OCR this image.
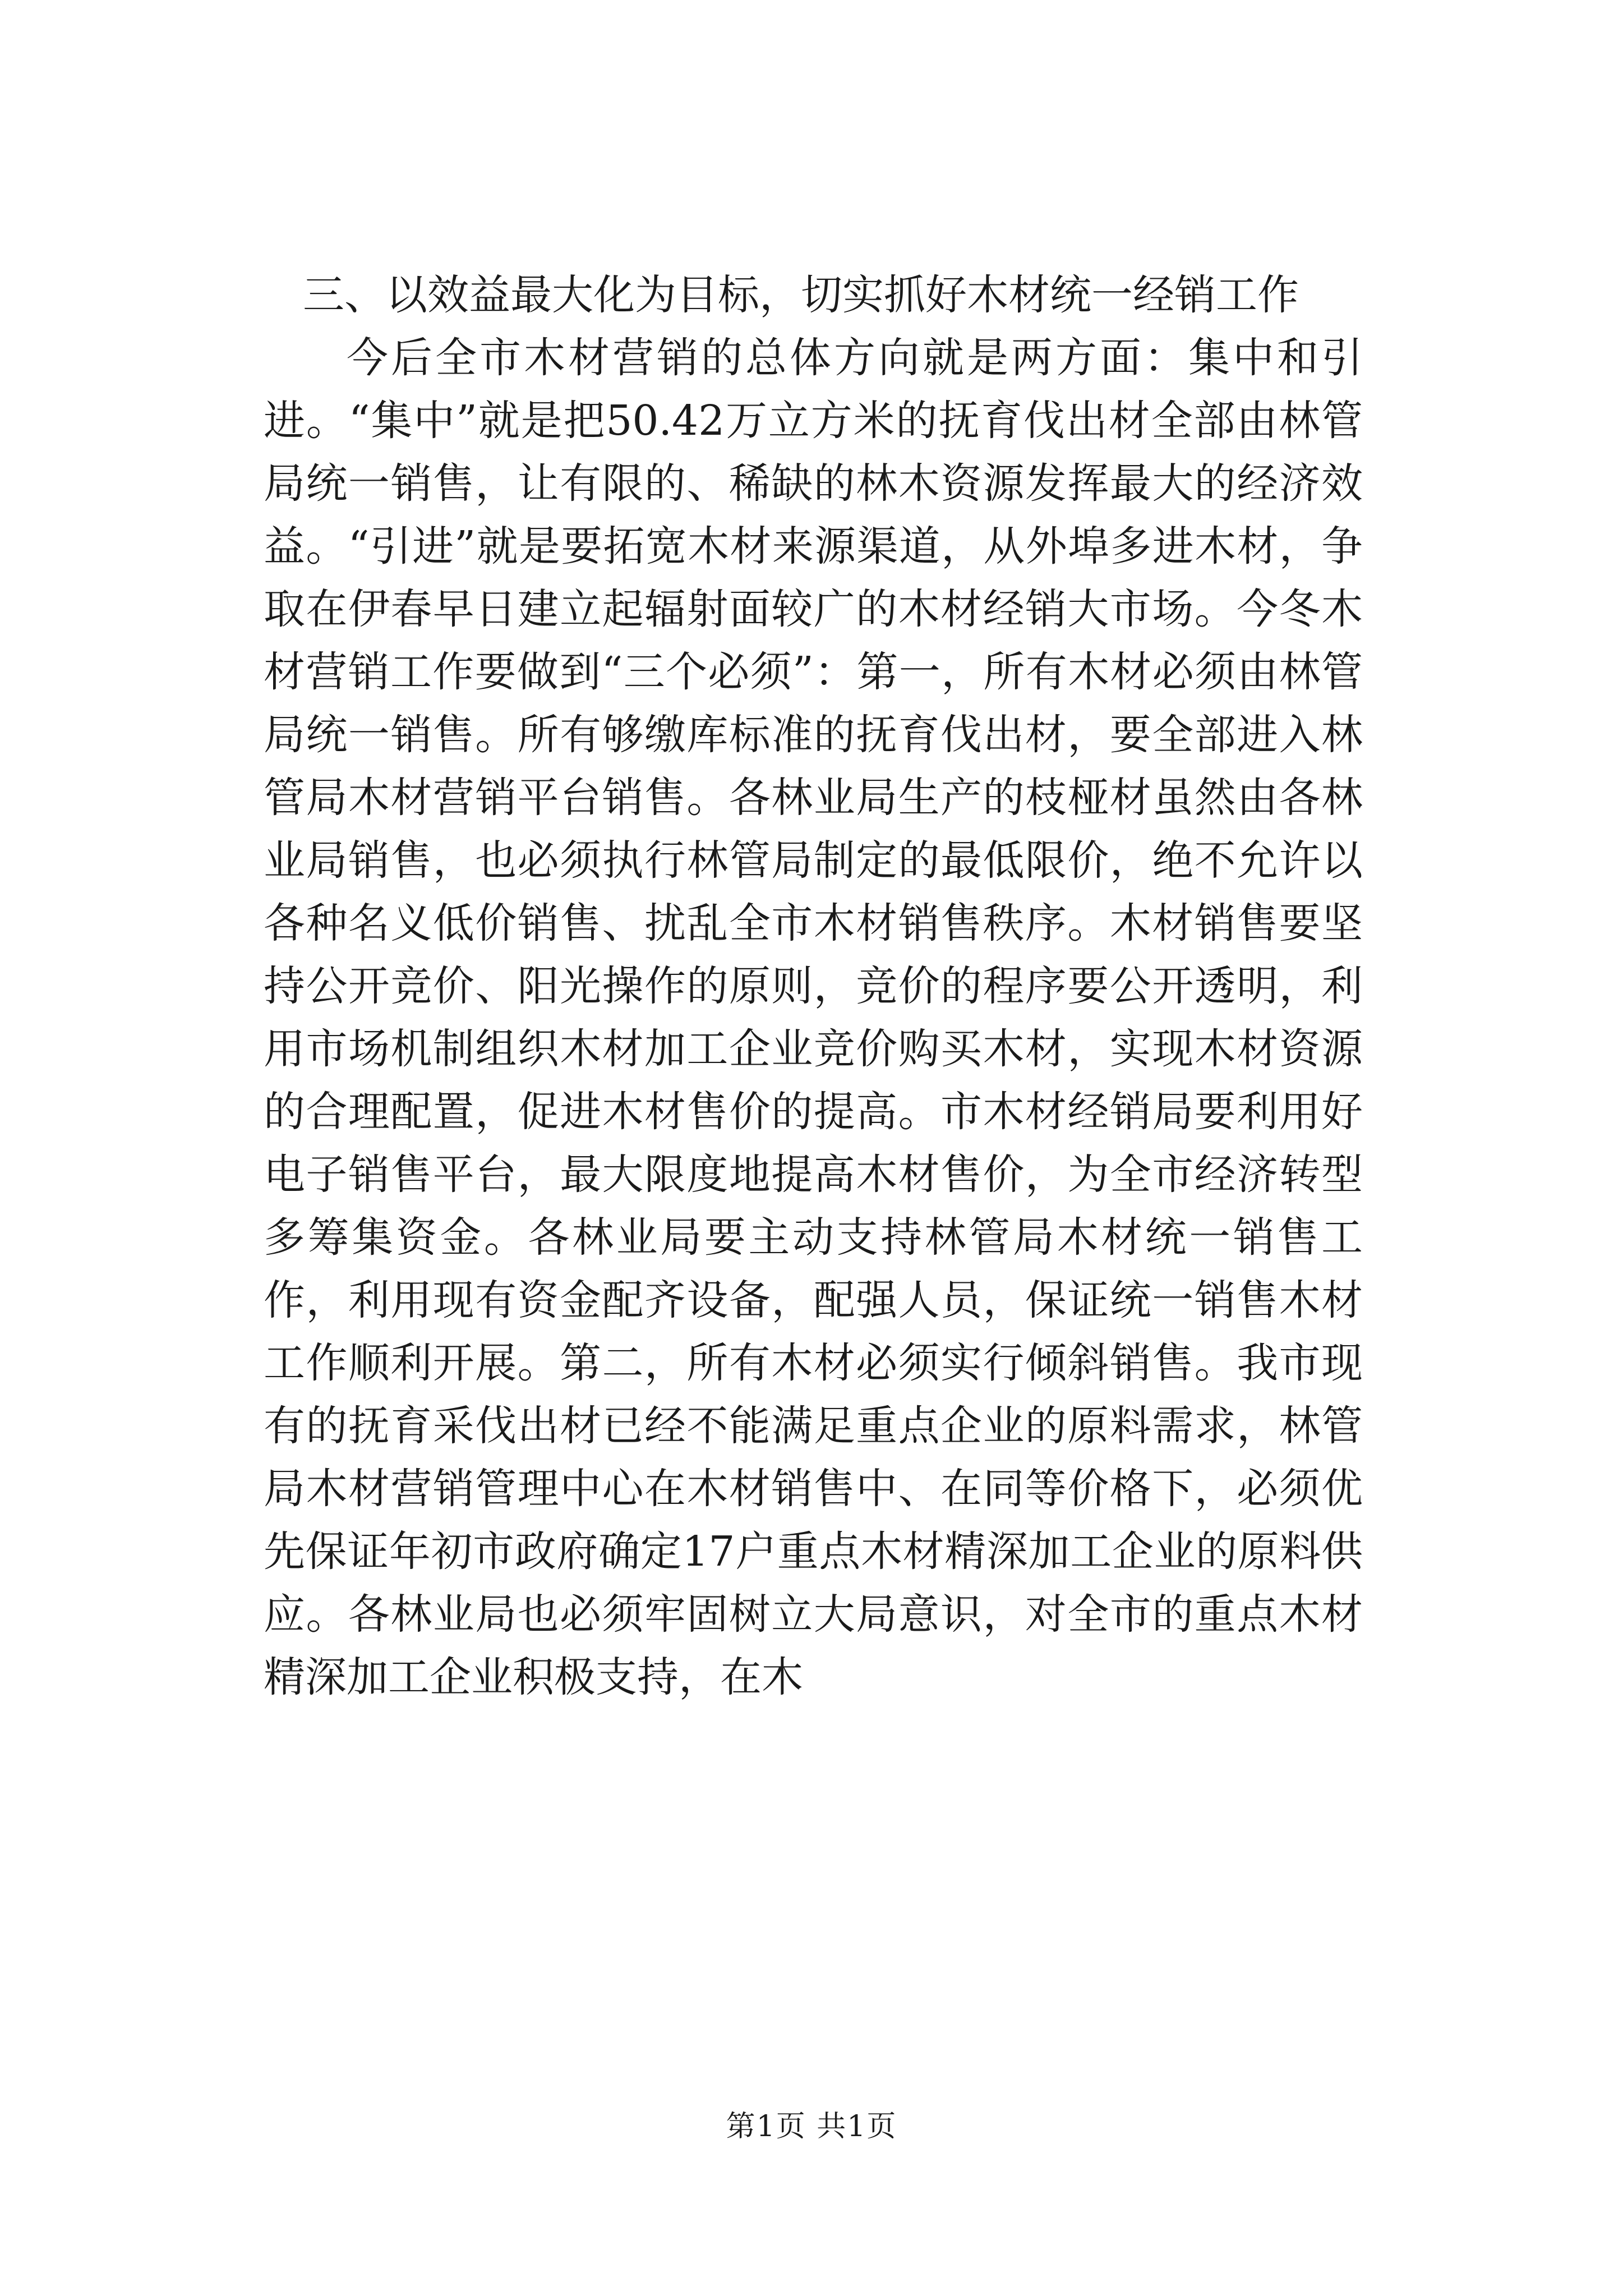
三、以效益最大化为目标，切实抓好木材统一经销工作

今后全市木材营销的总体方向就是两方面：集中和引进。“集中”就是把50.42万立方米的抚育伐出材全部由林管局统一销售，让有限的、稀缺的林木资源发挥最大的经济效益。“引进”就是要拓宽木材来源渠道，从外埠多进木材，争取在伊春早日建立起辐射面较广的木材经销大市场。今冬木材营销工作要做到“三个必须”：第一，所有木材必须由林管局统一销售。所有够缴库标准的抚育伐出材，要全部进入林管局木材营销平台销售。各林业局生产的枝桠材虽然由各林业局销售，也必须执行林管局制定的最低限价，绝不允许以各种名义低价销售、扰乱全市木材销售秩序。木材销售要坚持公开竞价、阳光操作的原则，竞价的程序要公开透明，利用市场机制组织木材加工企业竞价购买木材，实现木材资源的合理配置，促进木材售价的提高。市木材经销局要利用好电子销售平台，最大限度地提高木材售价，为全市经济转型多筹集资金。各林业局要主动支持林管局木材统一销售工作，利用现有资金配齐设备，配强人员，保证统一销售木材工作顺利开展。第二，所有木材必须实行倾斜销售。我市现有的抚育采伐出材已经不能满足重点企业的原料需求，林管局木材营销管理中心在木材销售中、在同等价格下，必须优先保证年初市政府确定17户重点木材精深加工企业的原料供应。各林业局也必须牢固树立大局意识，对全市的重点木材精深加工企业积极支持，在木

第1页 共1页
